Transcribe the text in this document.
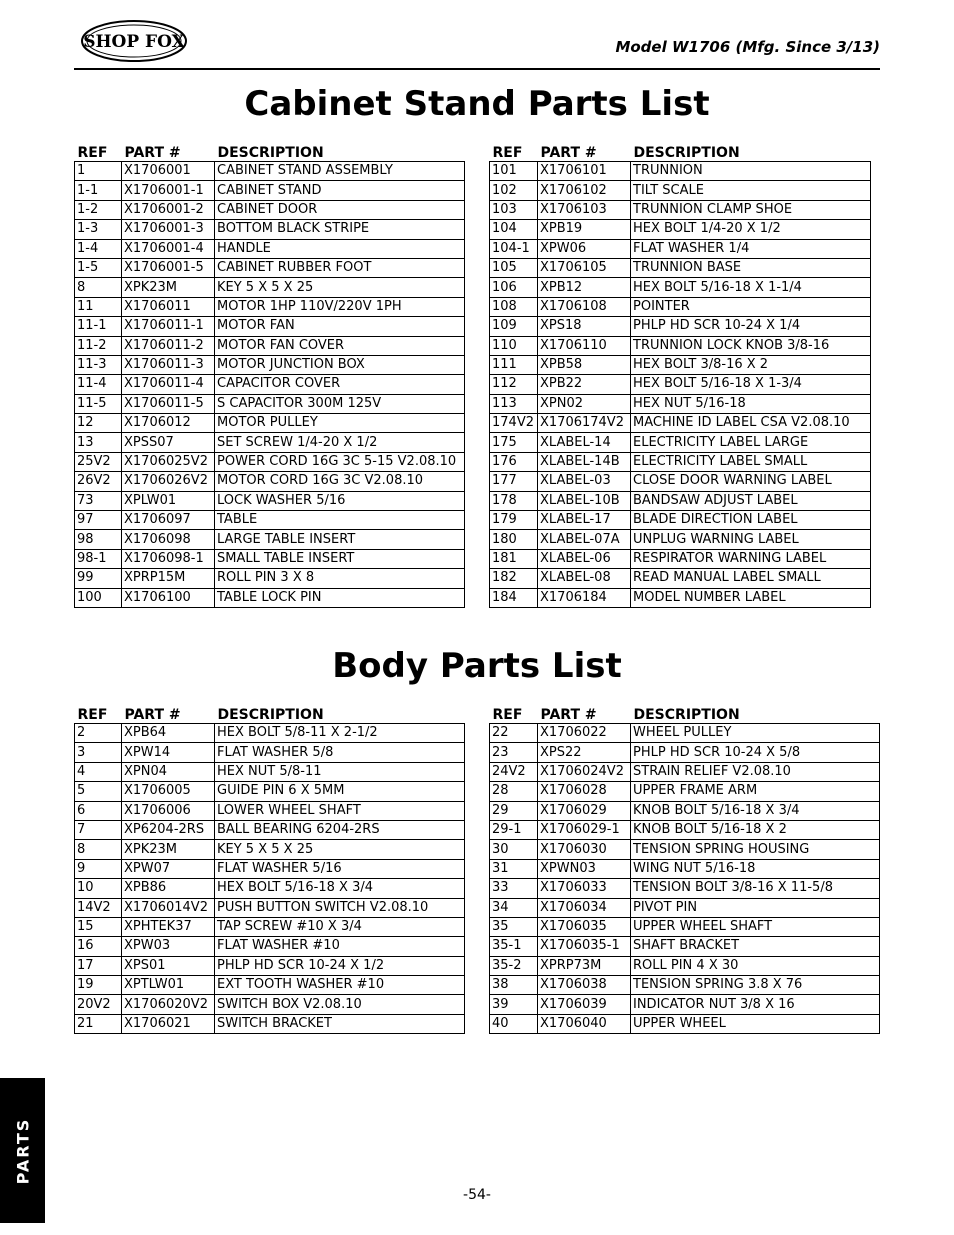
SHOP FOX	Model W1706 (Mfg. Since 3/13)
Cabinet Stand Parts List
Body Parts List
REF	PART #	DESCRIPTION
1	X1706001	CABINET STAND ASSEMBLY
1-1	X1706001-1	CABINET STAND
1-2	X1706001-2	CABINET DOOR
1-3	X1706001-3	BOTTOM BLACK STRIPE
1-4	X1706001-4	HANDLE
1-5	X1706001-5	CABINET RUBBER FOOT
8	XPK23M	KEY 5 X 5 X 25
11	X1706011	MOTOR 1HP 110V/220V 1PH
11-1	X1706011-1	MOTOR FAN
11-2	X1706011-2	MOTOR FAN COVER
11-3	X1706011-3	MOTOR JUNCTION BOX
11-4	X1706011-4	CAPACITOR COVER
11-5	X1706011-5	S CAPACITOR 300M 125V
12	X1706012	MOTOR PULLEY
13	XPSS07	SET SCREW 1/4-20 X 1/2
25V2	X1706025V2	POWER CORD 16G 3C 5-15 V2.08.10
26V2	X1706026V2	MOTOR CORD 16G 3C V2.08.10
73	XPLW01	LOCK WASHER 5/16
97	X1706097	TABLE
98	X1706098	LARGE TABLE INSERT
98-1	X1706098-1	SMALL TABLE INSERT
99	XPRP15M	ROLL PIN 3 X 8
100	X1706100	TABLE LOCK PIN
REF	PART #	DESCRIPTION
101	X1706101	TRUNNION
102	X1706102	TILT SCALE
103	X1706103	TRUNNION CLAMP SHOE
104	XPB19	HEX BOLT 1/4-20 X 1/2
104-1	XPW06	FLAT WASHER 1/4
105	X1706105	TRUNNION BASE
106	XPB12	HEX BOLT 5/16-18 X 1-1/4
108	X1706108	POINTER
109	XPS18	PHLP HD SCR 10-24 X 1/4
110	X1706110	TRUNNION LOCK KNOB 3/8-16
111	XPB58	HEX BOLT 3/8-16 X 2
112	XPB22	HEX BOLT 5/16-18 X 1-3/4
113	XPN02	HEX NUT 5/16-18
174V2	X1706174V2	MACHINE ID LABEL CSA V2.08.10
175	XLABEL-14	ELECTRICITY LABEL LARGE
176	XLABEL-14B	ELECTRICITY LABEL SMALL
177	XLABEL-03	CLOSE DOOR WARNING LABEL
178	XLABEL-10B	BANDSAW ADJUST LABEL
179	XLABEL-17	BLADE DIRECTION LABEL
180	XLABEL-07A	UNPLUG WARNING LABEL
181	XLABEL-06	RESPIRATOR WARNING LABEL
182	XLABEL-08	READ MANUAL LABEL SMALL
184	X1706184	MODEL NUMBER LABEL
REF	PART #	DESCRIPTION
2	XPB64	HEX BOLT 5/8-11 X 2-1/2
3	XPW14	FLAT WASHER 5/8
4	XPN04	HEX NUT 5/8-11
5	X1706005	GUIDE PIN 6 X 5MM
6	X1706006	LOWER WHEEL SHAFT
7	XP6204-2RS	BALL BEARING 6204-2RS
8	XPK23M	KEY 5 X 5 X 25
9	XPW07	FLAT WASHER 5/16
10	XPB86	HEX BOLT 5/16-18 X 3/4
14V2	X1706014V2	PUSH BUTTON SWITCH V2.08.10
15	XPHTEK37	TAP SCREW #10 X 3/4
16	XPW03	FLAT WASHER #10
17	XPS01	PHLP HD SCR 10-24 X 1/2
19	XPTLW01	EXT TOOTH WASHER #10
20V2	X1706020V2	SWITCH BOX V2.08.10
21	X1706021	SWITCH BRACKET
REF	PART #	DESCRIPTION
22	X1706022	WHEEL PULLEY
23	XPS22	PHLP HD SCR 10-24 X 5/8
24V2	X1706024V2	STRAIN RELIEF V2.08.10
28	X1706028	UPPER FRAME ARM
29	X1706029	KNOB BOLT 5/16-18 X 3/4
29-1	X1706029-1	KNOB BOLT 5/16-18 X 2
30	X1706030	TENSION SPRING HOUSING
31	XPWN03	WING NUT 5/16-18
33	X1706033	TENSION BOLT 3/8-16 X 11-5/8
34	X1706034	PIVOT PIN
35	X1706035	UPPER WHEEL SHAFT
35-1	X1706035-1	SHAFT BRACKET
35-2	XPRP73M	ROLL PIN 4 X 30
38	X1706038	TENSION SPRING 3.8 X 76
39	X1706039	INDICATOR NUT 3/8 X 16
40	X1706040	UPPER WHEEL
PARTS
-54-
